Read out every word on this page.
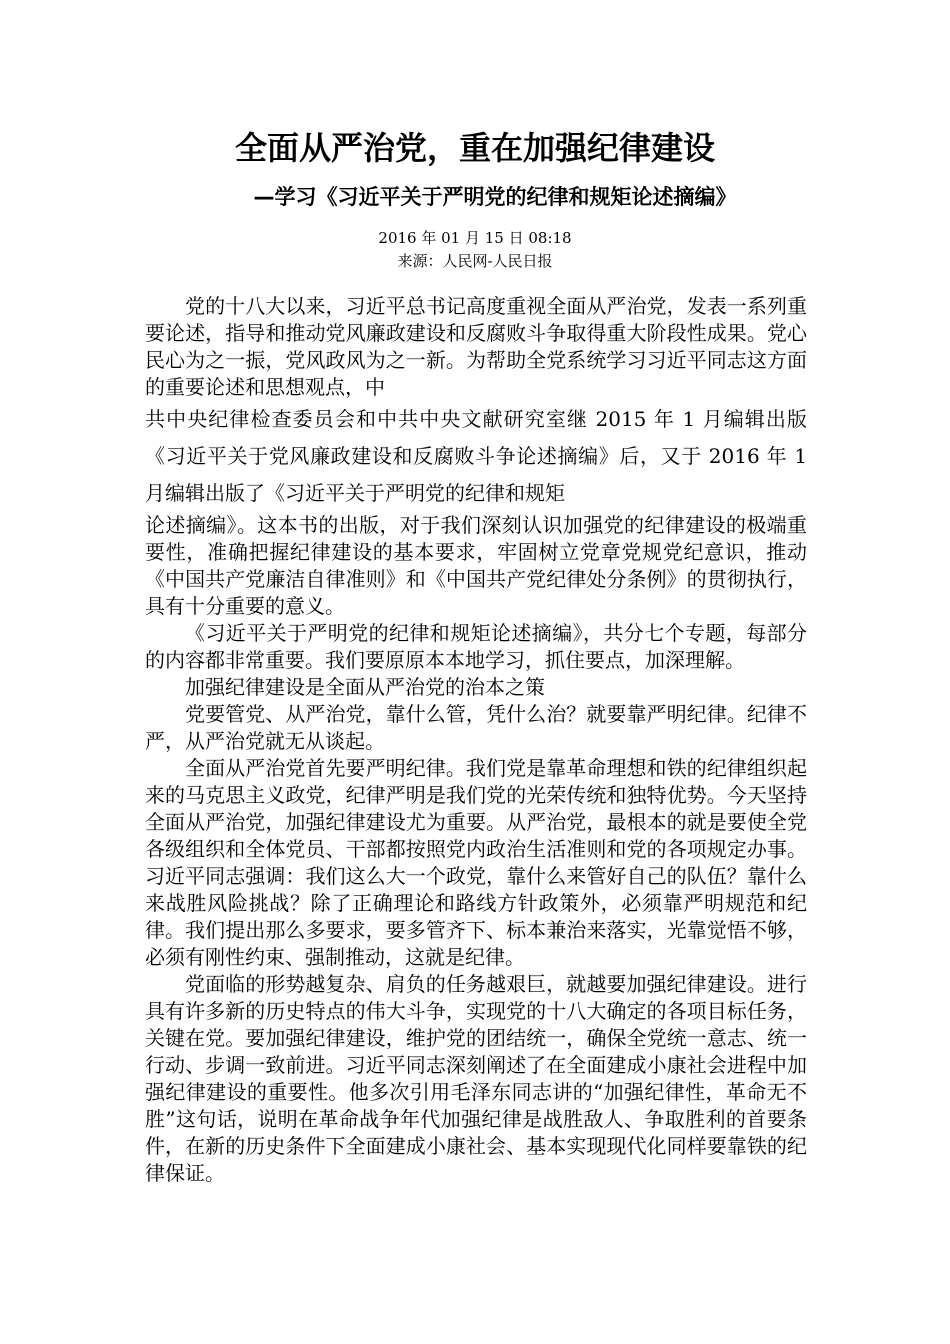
全面从严治党，重在加强纪律建设
—学习《习近平关于严明党的纪律和规矩论述摘编》
2016 年 01 月 15 日 08:18
来源：人民网-人民日报

党的十八大以来，习近平总书记高度重视全面从严治党，发表一系列重要论述，指导和推动党风廉政建设和反腐败斗争取得重大阶段性成果。党心民心为之一振，党风政风为之一新。为帮助全党系统学习习近平同志这方面的重要论述和思想观点，中

共中央纪律检查委员会和中共中央文献研究室继 2015 年 1 月编辑出版《习近平关于党风廉政建设和反腐败斗争论述摘编》后，又于 2016 年 1 月编辑出版了《习近平关于严明党的纪律和规矩

论述摘编》。这本书的出版，对于我们深刻认识加强党的纪律建设的极端重要性，准确把握纪律建设的基本要求，牢固树立党章党规党纪意识，推动《中国共产党廉洁自律准则》和《中国共产党纪律处分条例》的贯彻执行，具有十分重要的意义。

《习近平关于严明党的纪律和规矩论述摘编》，共分七个专题，每部分的内容都非常重要。我们要原原本本地学习，抓住要点，加深理解。

加强纪律建设是全面从严治党的治本之策

党要管党、从严治党，靠什么管，凭什么治？就要靠严明纪律。纪律不严，从严治党就无从谈起。

全面从严治党首先要严明纪律。我们党是靠革命理想和铁的纪律组织起来的马克思主义政党，纪律严明是我们党的光荣传统和独特优势。今天坚持全面从严治党，加强纪律建设尤为重要。从严治党，最根本的就是要使全党各级组织和全体党员、干部都按照党内政治生活准则和党的各项规定办事。习近平同志强调：我们这么大一个政党，靠什么来管好自己的队伍？靠什么来战胜风险挑战？除了正确理论和路线方针政策外，必须靠严明规范和纪律。我们提出那么多要求，要多管齐下、标本兼治来落实，光靠觉悟不够，必须有刚性约束、强制推动，这就是纪律。

党面临的形势越复杂、肩负的任务越艰巨，就越要加强纪律建设。进行具有许多新的历史特点的伟大斗争，实现党的十八大确定的各项目标任务，关键在党。要加强纪律建设，维护党的团结统一，确保全党统一意志、统一行动、步调一致前进。习近平同志深刻阐述了在全面建成小康社会进程中加强纪律建设的重要性。他多次引用毛泽东同志讲的“加强纪律性，革命无不胜”这句话，说明在革命战争年代加强纪律是战胜敌人、争取胜利的首要条件，在新的历史条件下全面建成小康社会、基本实现现代化同样要靠铁的纪律保证。
